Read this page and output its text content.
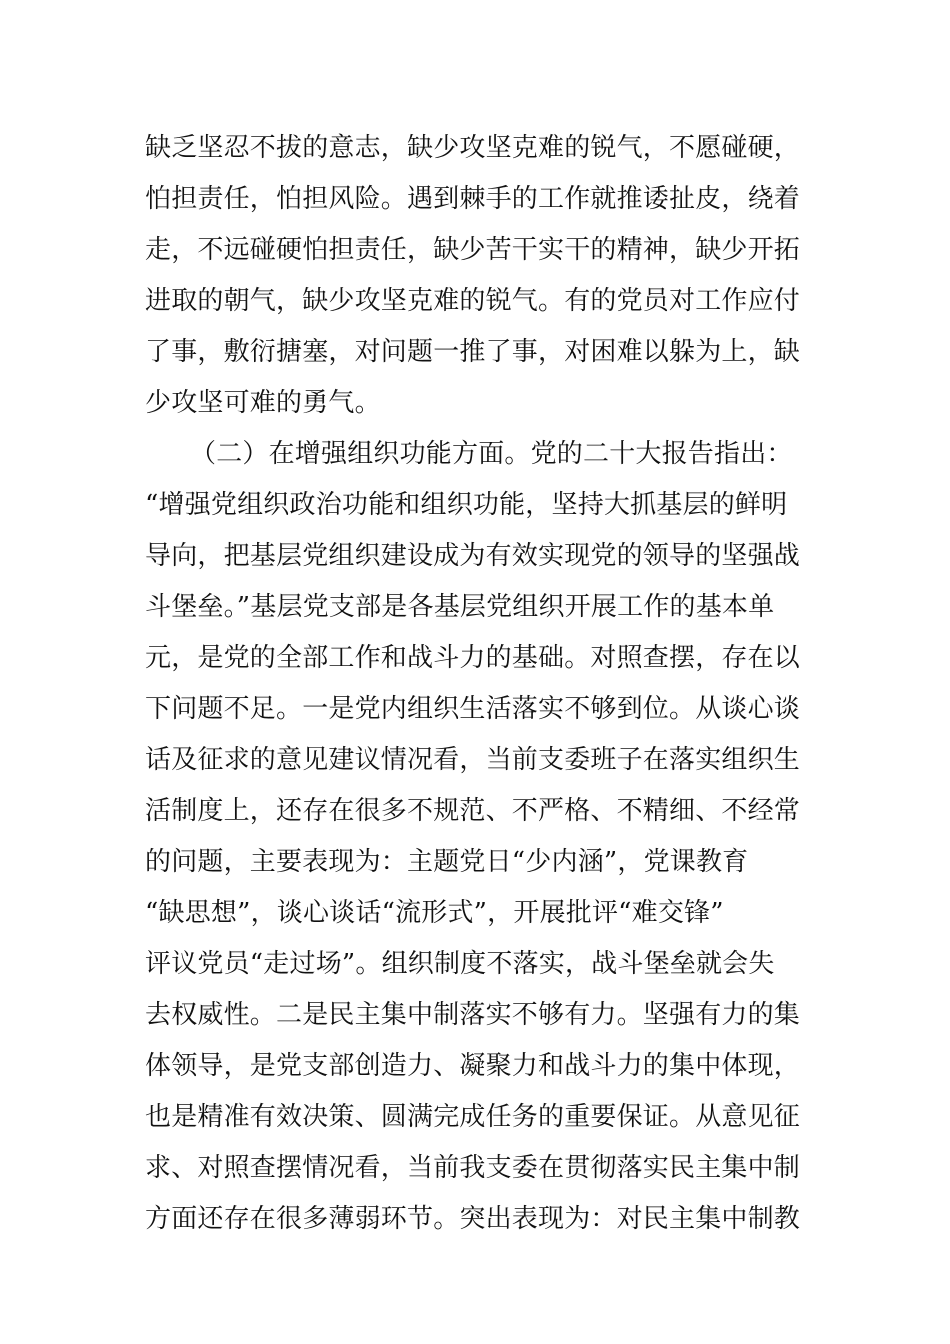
缺乏坚忍不拔的意志，缺少攻坚克难的锐气，不愿碰硬，
怕担责任，怕担风险。遇到棘手的工作就推诿扯皮，绕着
走，不远碰硬怕担责任，缺少苦干实干的精神，缺少开拓
进取的朝气，缺少攻坚克难的锐气。有的党员对工作应付
了事，敷衍搪塞，对问题一推了事，对困难以躲为上，缺
少攻坚可难的勇气。
（二）在增强组织功能方面。党的二十大报告指出：
“增强党组织政治功能和组织功能，坚持大抓基层的鲜明
导向，把基层党组织建设成为有效实现党的领导的坚强战
斗堡垒。”基层党支部是各基层党组织开展工作的基本单
元，是党的全部工作和战斗力的基础。对照查摆，存在以
下问题不足。一是党内组织生活落实不够到位。从谈心谈
话及征求的意见建议情况看，当前支委班子在落实组织生
活制度上，还存在很多不规范、不严格、不精细、不经常
的问题，主要表现为：主题党日“少内涵”，党课教育
“缺思想”，谈心谈话“流形式”，开展批评“难交锋”
评议党员“走过场”。组织制度不落实，战斗堡垒就会失
去权威性。二是民主集中制落实不够有力。坚强有力的集
体领导，是党支部创造力、凝聚力和战斗力的集中体现，
也是精准有效决策、圆满完成任务的重要保证。从意见征
求、对照查摆情况看，当前我支委在贯彻落实民主集中制
方面还存在很多薄弱环节。突出表现为：对民主集中制教
